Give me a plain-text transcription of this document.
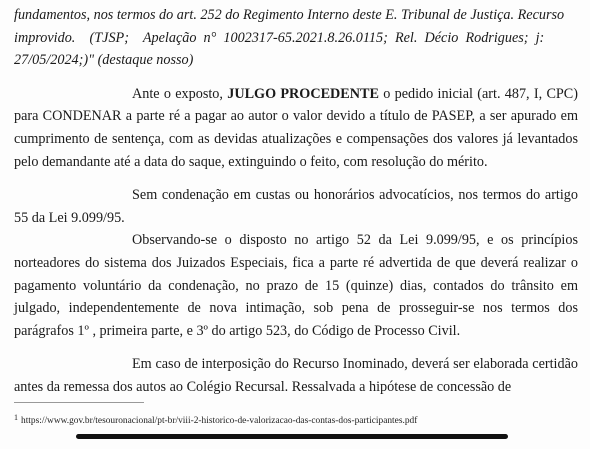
fundamentos, nos termos do art. 252 do Regimento Interno deste E. Tribunal de Justiça. Recurso

improvido.    (TJSP;    Apelação  n°  1002317-65.2021.8.26.0115;  Rel.  Décio  Rodrigues;  j:

27/05/2024;)" (destaque nosso)

Ante o exposto, JULGO PROCEDENTE o pedido inicial (art. 487, I, CPC) para CONDENAR a parte ré a pagar ao autor o valor devido a título de PASEP, a ser apurado em cumprimento de sentença, com as devidas atualizações e compensações dos valores já levantados pelo demandante até a data do saque, extinguindo o feito, com resolução do mérito.

Sem condenação em custas ou honorários advocatícios, nos termos do artigo 55 da Lei 9.099/95.

Observando-se o disposto no artigo 52 da Lei 9.099/95, e os princípios norteadores do sistema dos Juizados Especiais, fica a parte ré advertida de que deverá realizar o pagamento voluntário da condenação, no prazo de 15 (quinze) dias, contados do trânsito em julgado, independentemente de nova intimação, sob pena de prosseguir-se nos termos dos parágrafos 1º , primeira parte, e 3º do artigo 523, do Código de Processo Civil.

Em caso de interposição do Recurso Inominado, deverá ser elaborada certidão antes da remessa dos autos ao Colégio Recursal. Ressalvada a hipótese de concessão de

$^1$ https://www.gov.br/tesouronacional/pt-br/viii-2-historico-de-valorizacao-das-contas-dos-participantes.pdf
